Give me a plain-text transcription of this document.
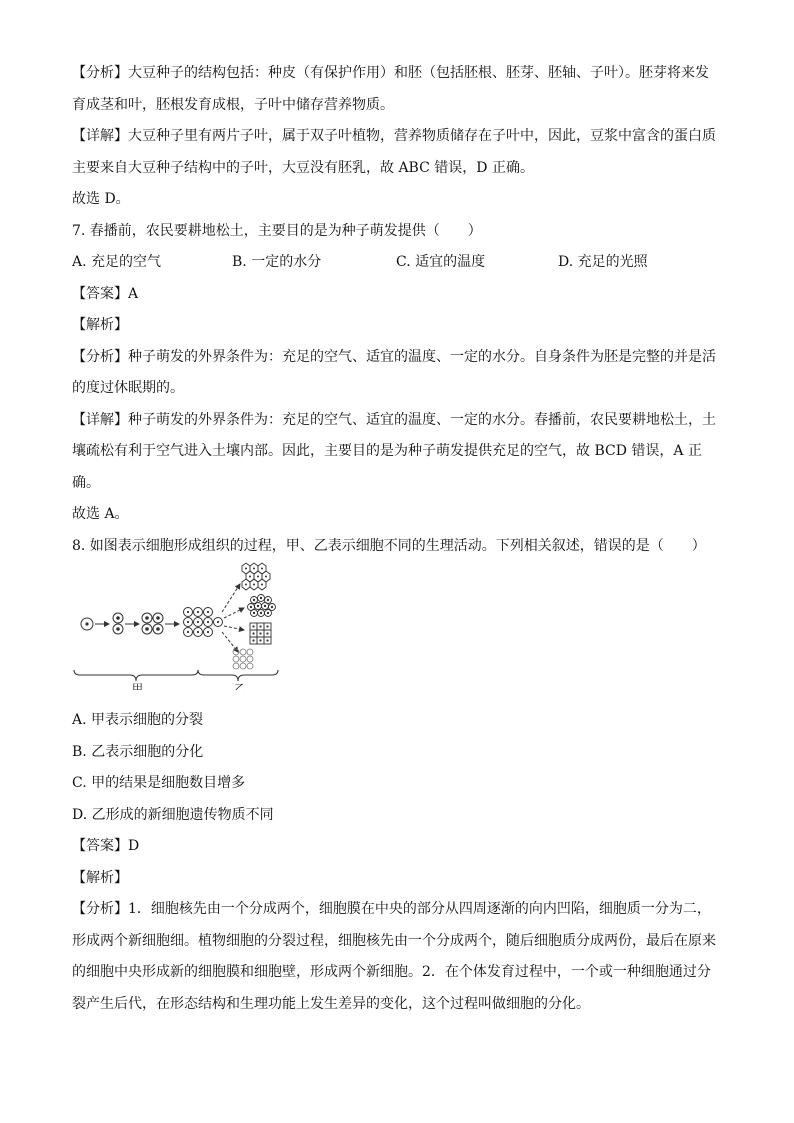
【分析】大豆种子的结构包括：种皮（有保护作用）和胚（包括胚根、胚芽、胚轴、子叶）。胚芽将来发
育成茎和叶，胚根发育成根，子叶中储存营养物质。
【详解】大豆种子里有两片子叶，属于双子叶植物，营养物质储存在子叶中，因此，豆浆中富含的蛋白质
主要来自大豆种子结构中的子叶，大豆没有胚乳，故 ABC 错误，D 正确。
故选 D。
7. 春播前，农民要耕地松土，主要目的是为种子萌发提供（　　）
A. 充足的空气	B. 一定的水分	C. 适宜的温度	D. 充足的光照
【答案】A
【解析】
【分析】种子萌发的外界条件为：充足的空气、适宜的温度、一定的水分。自身条件为胚是完整的并是活
的度过休眠期的。
【详解】种子萌发的外界条件为：充足的空气、适宜的温度、一定的水分。春播前，农民要耕地松土，土
壤疏松有利于空气进入土壤内部。因此，主要目的是为种子萌发提供充足的空气，故 BCD 错误，A 正
确。
故选 A。
8. 如图表示细胞形成组织的过程，甲、乙表示细胞不同的生理活动。下列相关叙述，错误的是（　　）
甲	乙
A. 甲表示细胞的分裂
B. 乙表示细胞的分化
C. 甲的结果是细胞数目增多
D. 乙形成的新细胞遗传物质不同
【答案】D
【解析】
【分析】1．细胞核先由一个分成两个，细胞膜在中央的部分从四周逐渐的向内凹陷，细胞质一分为二，
形成两个新细胞细。植物细胞的分裂过程，细胞核先由一个分成两个，随后细胞质分成两份，最后在原来
的细胞中央形成新的细胞膜和细胞壁，形成两个新细胞。2．在个体发育过程中，一个或一种细胞通过分
裂产生后代，在形态结构和生理功能上发生差异的变化，这个过程叫做细胞的分化。
